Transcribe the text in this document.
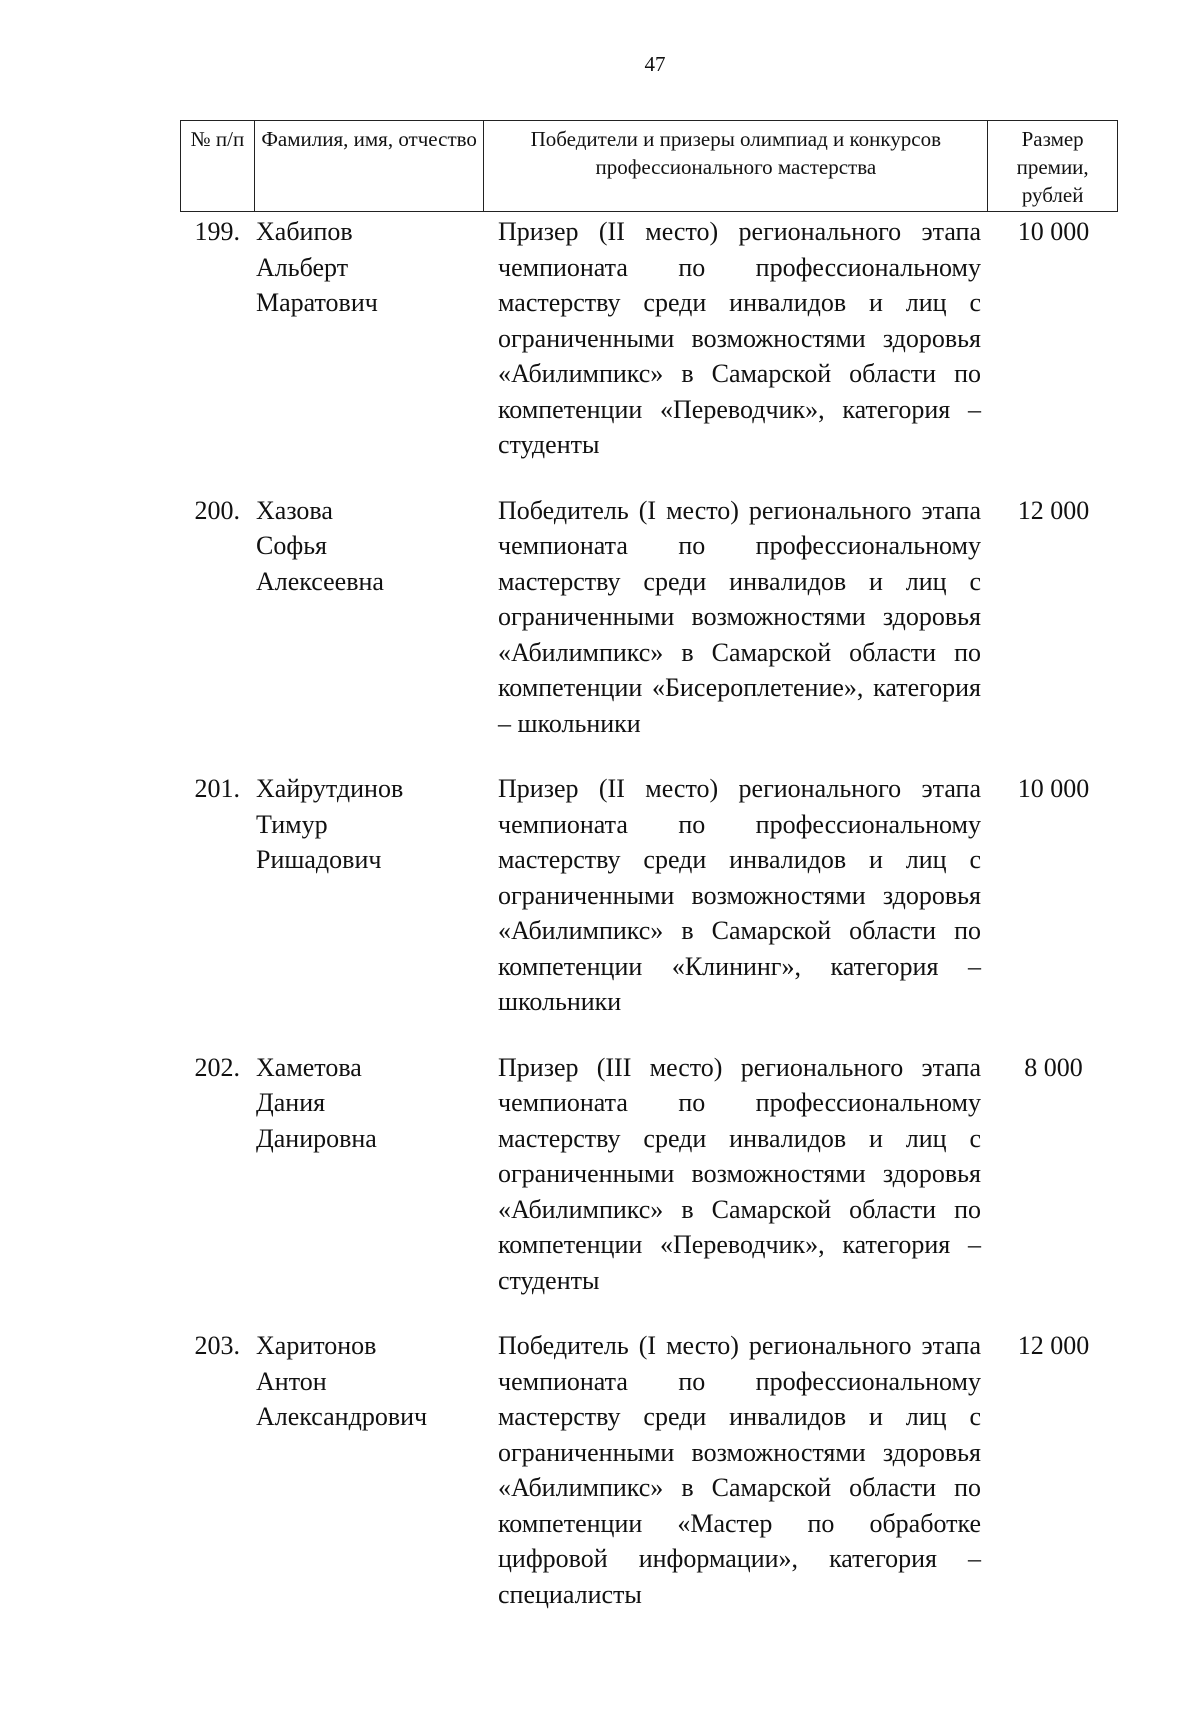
47
№ п/п Фамилия, имя, отчество	Победители и призеры олимпиад и конкурсов профессионального мастерства
Размер премии, рублей
199. Хабипов
Альберт
Маратович
Призер (II место) регионального этапа чемпионата по профессиональному мастерству среди инвалидов и лиц с ограниченными возможностями здоровья «Абилимпикс» в Самарской области по компетенции «Переводчик», категория – студенты
10 000
200. Хазова
Софья
Алексеевна
Победитель (I место) регионального этапа чемпионата по профессиональному мастерству среди инвалидов и лиц с ограниченными возможностями здоровья «Абилимпикс» в Самарской области по компетенции «Бисероплетение», категория – школьники
12 000
201. Хайрутдинов
Тимур
Ришадович
Призер (II место) регионального этапа чемпионата по профессиональному мастерству среди инвалидов и лиц с ограниченными возможностями здоровья «Абилимпикс» в Самарской области по компетенции «Клининг», категория – школьники
10 000
202. Хаметова
Дания
Данировна
Призер (III место) регионального этапа чемпионата по профессиональному мастерству среди инвалидов и лиц с ограниченными возможностями здоровья «Абилимпикс» в Самарской области по компетенции «Переводчик», категория – студенты
8 000
203. Харитонов
Антон
Александрович
Победитель (I место) регионального этапа чемпионата по профессиональному мастерству среди инвалидов и лиц с ограниченными возможностями здоровья «Абилимпикс» в Самарской области по компетенции «Мастер по обработке цифровой информации», категория – специалисты
12 000
